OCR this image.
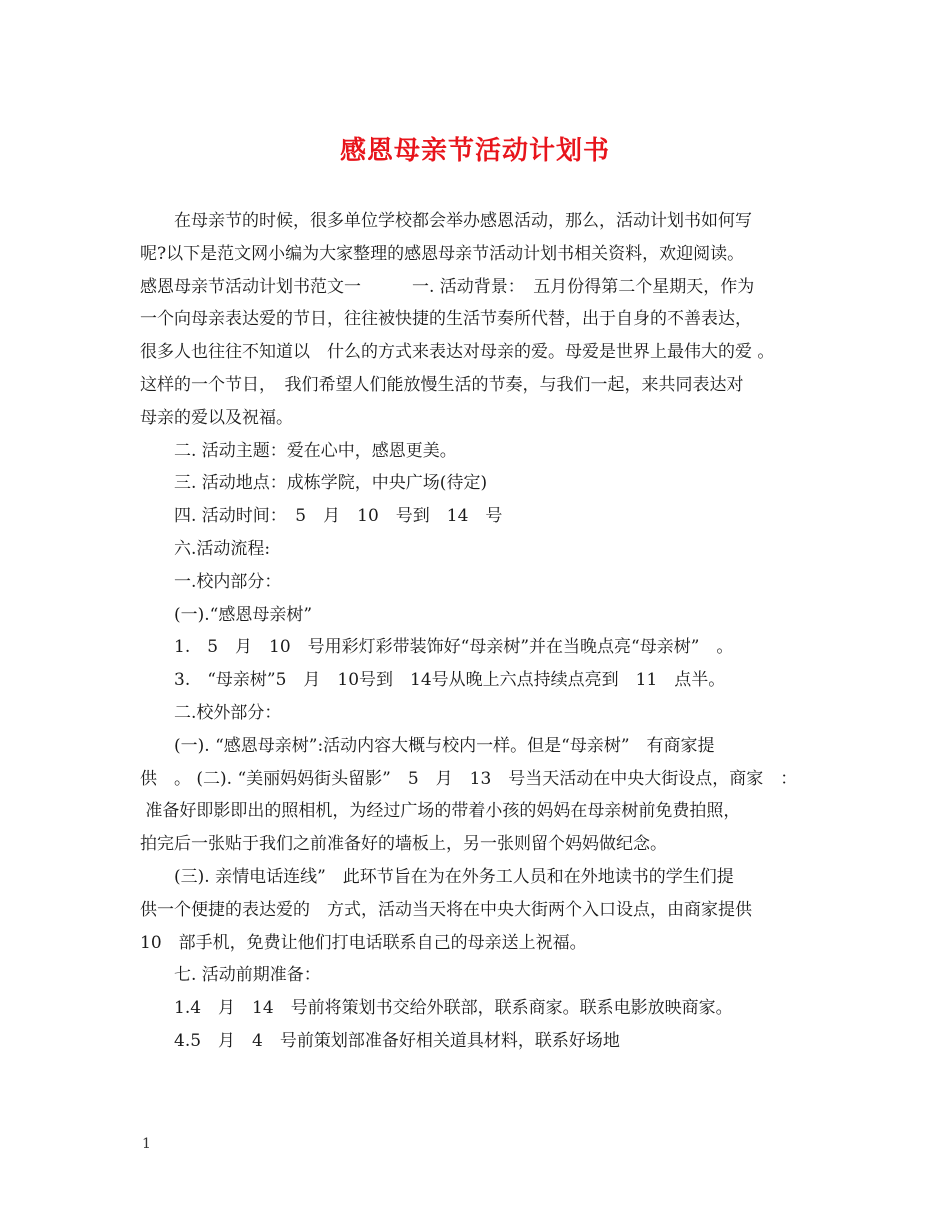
感恩母亲节活动计划书
在母亲节的时候，很多单位学校都会举办感恩活动，那么，活动计划书如何写
呢?以下是范文网小编为大家整理的感恩母亲节活动计划书相关资料，欢迎阅读。
感恩母亲节活动计划书范文一　　　一. 活动背景：　五月份得第二个星期天，作为
一个向母亲表达爱的节日，往往被快捷的生活节奏所代替，出于自身的不善表达，
很多人也往往不知道以　什么的方式来表达对母亲的爱。母爱是世界上最伟大的爱 。
这样的一个节日，　我们希望人们能放慢生活的节奏，与我们一起，来共同表达对
母亲的爱以及祝福。
二. 活动主题：爱在心中，感恩更美。
三. 活动地点：成栋学院，中央广场(待定)
四. 活动时间：　5　月　10　号到　14　号
六.活动流程:
一.校内部分：
(一).“感恩母亲树”
1.　5　月　10　号用彩灯彩带装饰好“母亲树”并在当晚点亮“母亲树”　。
3.　“母亲树”5　月　10号到　14号从晚上六点持续点亮到　11　点半。
二.校外部分：
(一). “感恩母亲树”:活动内容大概与校内一样。但是“母亲树”　有商家提
供　。 (二). “美丽妈妈街头留影”　5　月　13　号当天活动在中央大街设点，商家　：
准备好即影即出的照相机，为经过广场的带着小孩的妈妈在母亲树前免费拍照，
拍完后一张贴于我们之前准备好的墙板上，另一张则留个妈妈做纪念。
(三). 亲情电话连线”　此环节旨在为在外务工人员和在外地读书的学生们提
供一个便捷的表达爱的　方式，活动当天将在中央大街两个入口设点，由商家提供
10　部手机，免费让他们打电话联系自己的母亲送上祝福。
七. 活动前期准备：
1.4　月　14　号前将策划书交给外联部，联系商家。联系电影放映商家。
4.5　月　4　号前策划部准备好相关道具材料，联系好场地
1
